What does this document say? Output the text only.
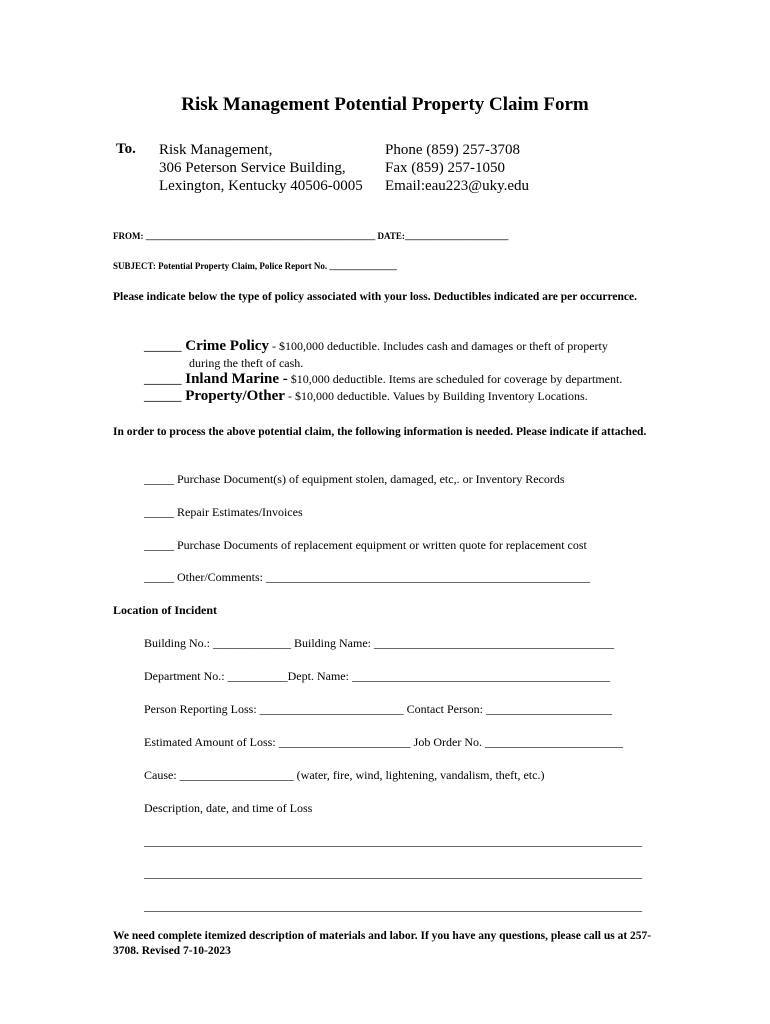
Risk Management Potential Property Claim Form
To. Risk Management,
306 Peterson Service Building,
Lexington, Kentucky 40506-0005
Phone (859) 257-3708
Fax (859) 257-1050
Email:eau223@uky.edu
FROM: ___________________________________________________ DATE:_______________________
SUBJECT: Potential Property Claim, Police Report No. _______________
Please indicate below the type of policy associated with your loss. Deductibles indicated are per occurrence.
_____ Crime Policy - $100,000 deductible. Includes cash and damages or theft of property
during the theft of cash.
_____ Inland Marine - $10,000 deductible. Items are scheduled for coverage by department.
_____ Property/Other - $10,000 deductible. Values by Building Inventory Locations.
In order to process the above potential claim, the following information is needed. Please indicate if attached.
_____ Purchase Document(s) of equipment stolen, damaged, etc,. or Inventory Records
_____ Repair Estimates/Invoices
_____ Purchase Documents of replacement equipment or written quote for replacement cost
_____ Other/Comments: ______________________________________________________
Location of Incident
Building No.: _____________ Building Name: ________________________________________
Department No.: __________Dept. Name: ___________________________________________
Person Reporting Loss: ________________________ Contact Person: _____________________
Estimated Amount of Loss: ______________________ Job Order No. _______________________
Cause: ___________________ (water, fire, wind, lightening, vandalism, theft, etc.)
Description, date, and time of Loss
___________________________________________________________________________________
___________________________________________________________________________________
___________________________________________________________________________________
We need complete itemized description of materials and labor. If you have any questions, please call us at 257-3708. Revised 7-10-2023
